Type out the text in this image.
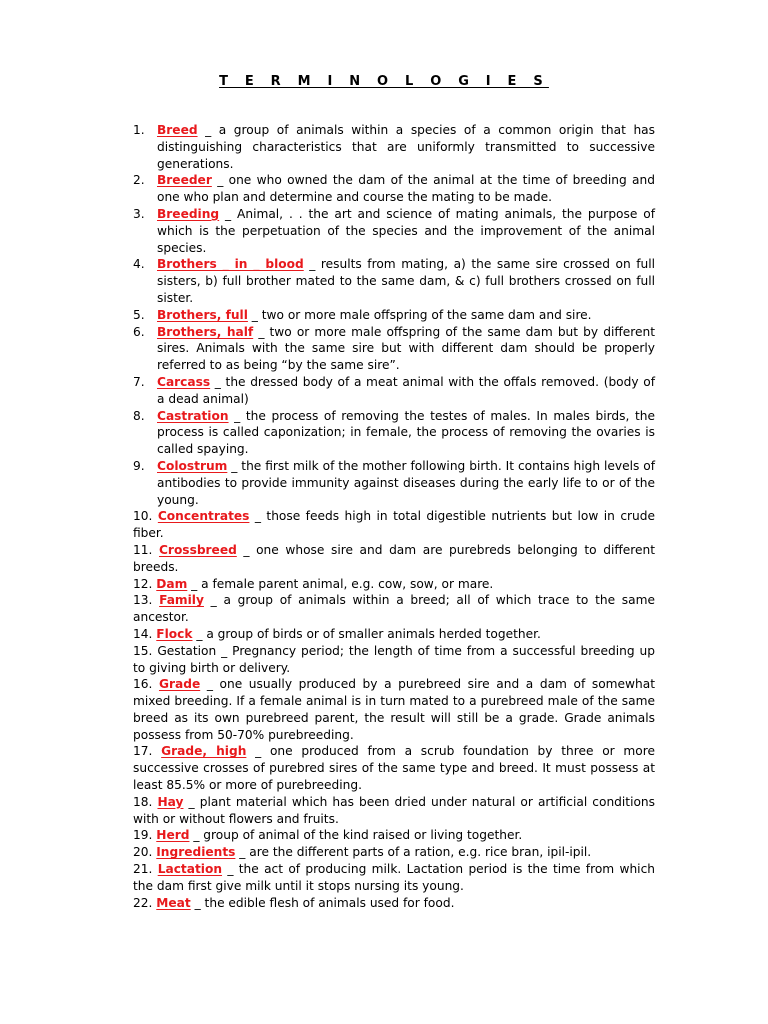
T E R M I N O L O G I E S
1.	Breed _ a group of animals within a species of a common origin that has distinguishing characteristics that are uniformly transmitted to successive generations.
2.	Breeder _ one who owned the dam of the animal at the time of breeding and one who plan and determine and course the mating to be made.
3.	Breeding _ Animal, . . the art and science of mating animals, the purpose of which is the perpetuation of the species and the improvement of the animal species.
4.	Brothers _ in _ blood _ results from mating, a) the same sire crossed on full sisters, b) full brother mated to the same dam, & c) full brothers crossed on full sister.
5.	Brothers, full _ two or more male offspring of the same dam and sire.
6.	Brothers, half _ two or more male offspring of the same dam but by different sires. Animals with the same sire but with different dam should be properly referred to as being “by the same sire”.
7.	Carcass _ the dressed body of a meat animal with the offals removed. (body of a dead animal)
8.	Castration _ the process of removing the testes of males. In males birds, the process is called caponization; in female, the process of removing the ovaries is called spaying.
9.	Colostrum _ the first milk of the mother following birth. It contains high levels of antibodies to provide immunity against diseases during the early life to or of the young.
10. Concentrates _ those feeds high in total digestible nutrients but low in crude fiber.
11. Crossbreed _ one whose sire and dam are purebreds belonging to different breeds.
12. Dam _ a female parent animal, e.g. cow, sow, or mare.
13. Family _ a group of animals within a breed; all of which trace to the same ancestor.
14. Flock _ a group of birds or of smaller animals herded together.
15. Gestation _ Pregnancy period; the length of time from a successful breeding up to giving birth or delivery.
16. Grade _ one usually produced by a purebreed sire and a dam of somewhat mixed breeding. If a female animal is in turn mated to a purebreed male of the same breed as its own purebreed parent, the result will still be a grade. Grade animals possess from 50-70% purebreeding.
17. Grade, high _ one produced from a scrub foundation by three or more successive crosses of purebred sires of the same type and breed. It must possess at least 85.5% or more of purebreeding.
18. Hay _ plant material which has been dried under natural or artificial conditions with or without flowers and fruits.
19. Herd _ group of animal of the kind raised or living together.
20. Ingredients _ are the different parts of a ration, e.g. rice bran, ipil-ipil.
21. Lactation _ the act of producing milk. Lactation period is the time from which the dam first give milk until it stops nursing its young.
22. Meat _ the edible flesh of animals used for food.
